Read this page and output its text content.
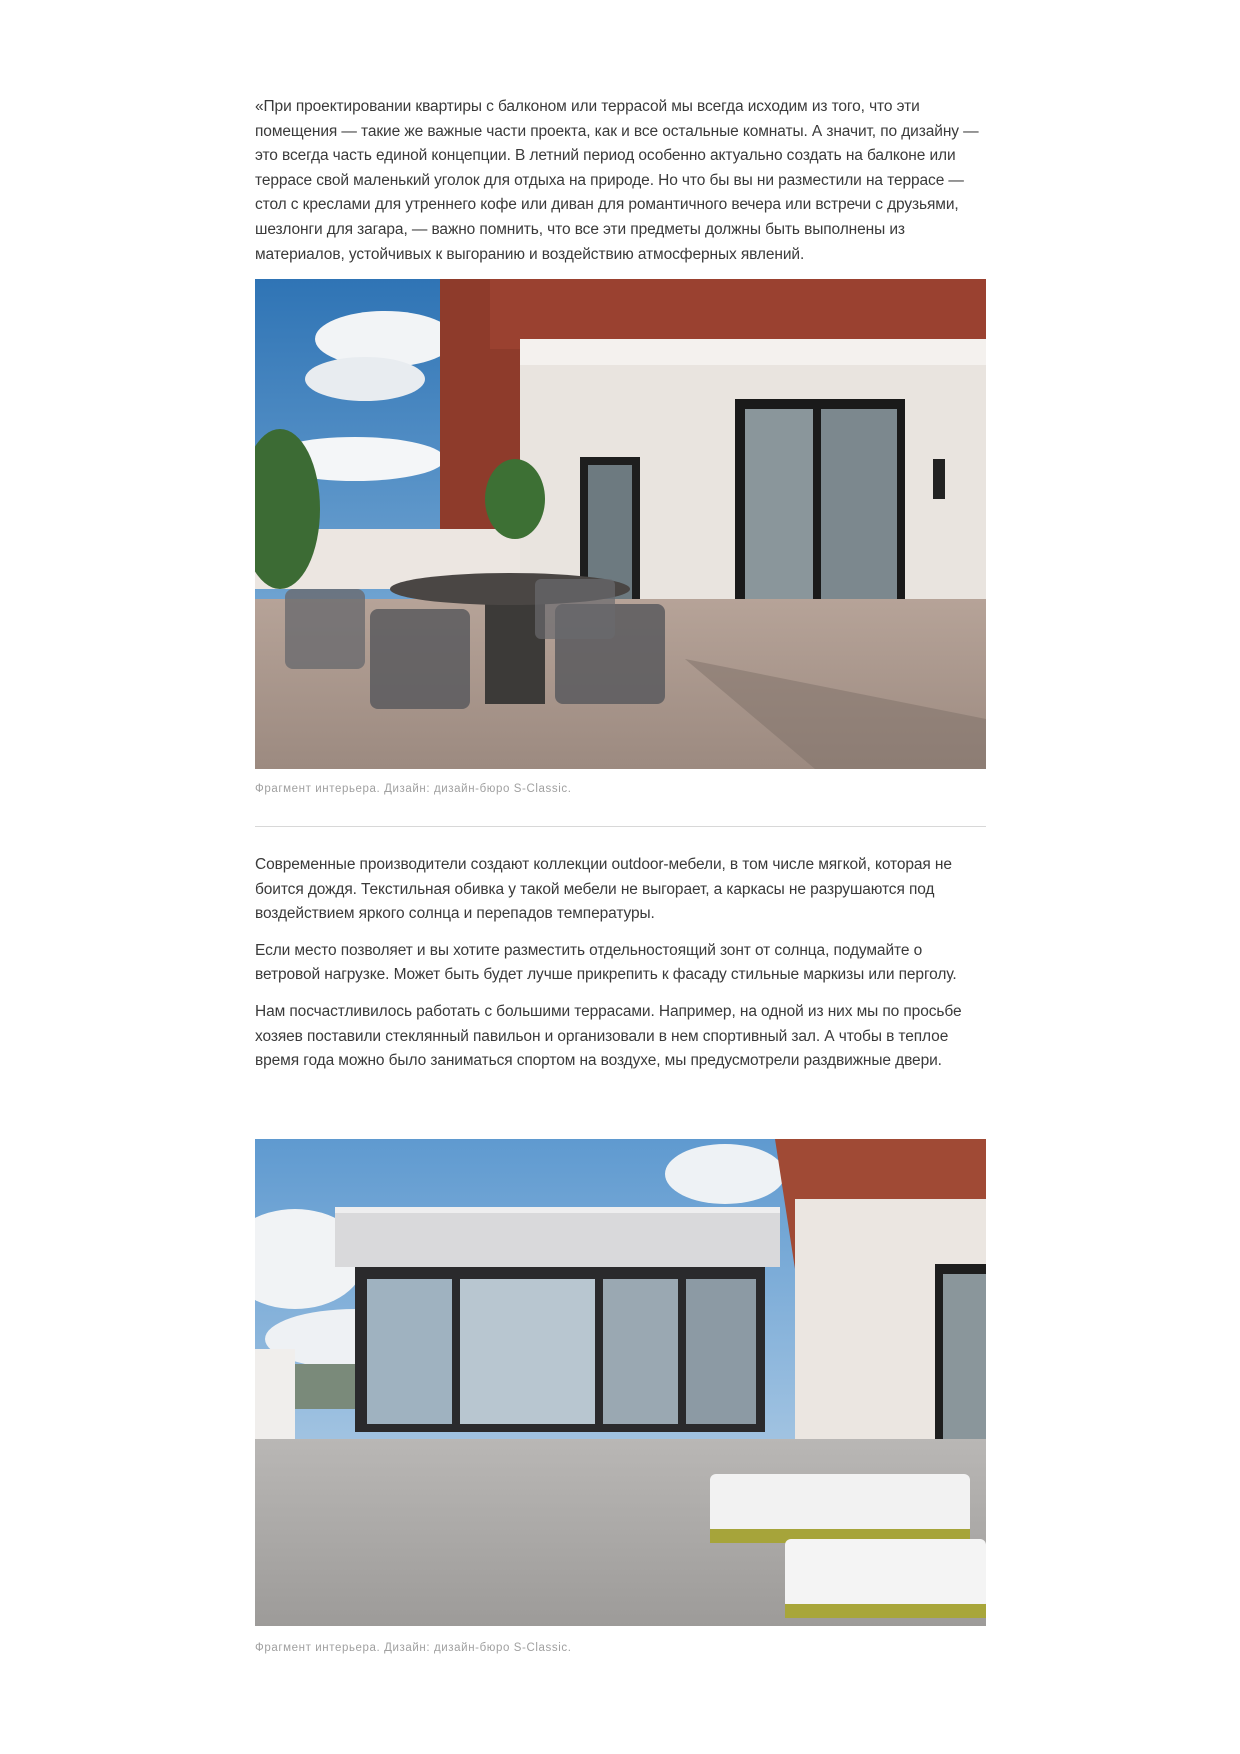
«При проектировании квартиры с балконом или террасой мы всегда исходим из того, что эти помещения — такие же важные части проекта, как и все остальные комнаты. А значит, по дизайну — это всегда часть единой концепции. В летний период особенно актуально создать на балконе или террасе свой маленький уголок для отдыха на природе. Но что бы вы ни разместили на террасе — стол с креслами для утреннего кофе или диван для романтичного вечера или встречи с друзьями, шезлонги для загара, — важно помнить, что все эти предметы должны быть выполнены из материалов, устойчивых к выгоранию и воздействию атмосферных явлений.

Фрагмент интерьера. Дизайн: дизайн-бюро S-Classic.

Современные производители создают коллекции outdoor-мебели, в том числе мягкой, которая не боится дождя. Текстильная обивка у такой мебели не выгорает, а каркасы не разрушаются под воздействием яркого солнца и перепадов температуры.

Если место позволяет и вы хотите разместить отдельностоящий зонт от солнца, подумайте о ветровой нагрузке. Может быть будет лучше прикрепить к фасаду стильные маркизы или перголу.

Нам посчастливилось работать с большими террасами. Например, на одной из них мы по просьбе хозяев поставили стеклянный павильон и организовали в нем спортивный зал. А чтобы в теплое время года можно было заниматься спортом на воздухе, мы предусмотрели раздвижные двери.

Фрагмент интерьера. Дизайн: дизайн-бюро S-Classic.
